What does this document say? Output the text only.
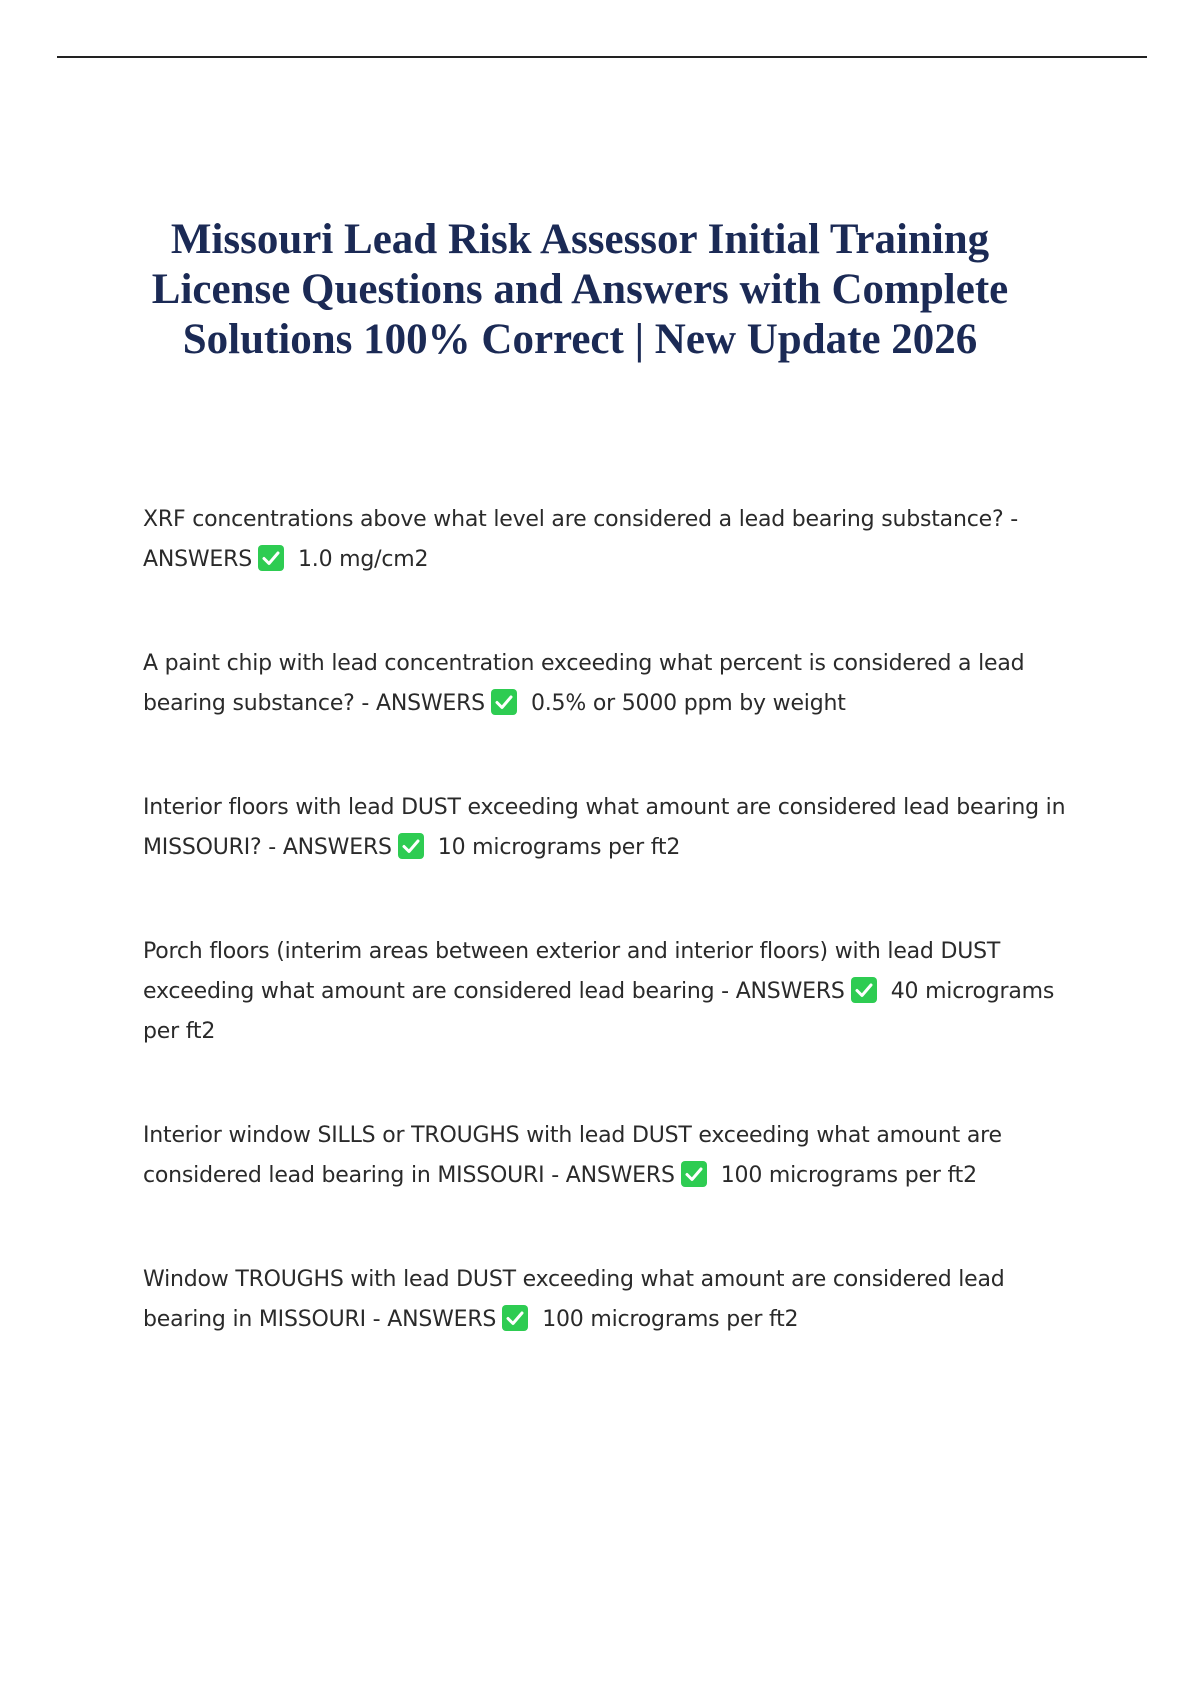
Missouri Lead Risk Assessor Initial Training License Questions and Answers with Complete Solutions 100% Correct | New Update 2026

XRF concentrations above what level are considered a lead bearing substance? - ANSWERS 1.0 mg/cm2

A paint chip with lead concentration exceeding what percent is considered a lead bearing substance? - ANSWERS 0.5% or 5000 ppm by weight

Interior floors with lead DUST exceeding what amount are considered lead bearing in MISSOURI? - ANSWERS 10 micrograms per ft2

Porch floors (interim areas between exterior and interior floors) with lead DUST exceeding what amount are considered lead bearing - ANSWERS 40 micrograms per ft2

Interior window SILLS or TROUGHS with lead DUST exceeding what amount are considered lead bearing in MISSOURI - ANSWERS 100 micrograms per ft2

Window TROUGHS with lead DUST exceeding what amount are considered lead bearing in MISSOURI - ANSWERS 100 micrograms per ft2
